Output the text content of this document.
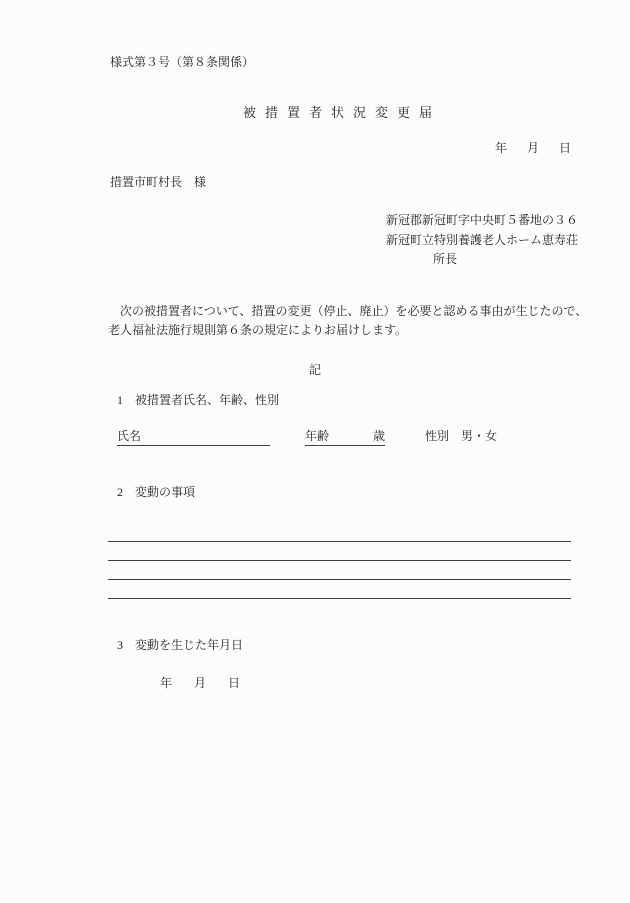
様式第３号（第８条関係）
被措置者状況変更届
年 月 日
措置市町村長　様
新冠郡新冠町字中央町５番地の３６
新冠町立特別養護老人ホーム恵寿荘
所長
　次の被措置者について、措置の変更（停止、廃止）を必要と認める事由が生じたので、
老人福祉法施行規則第６条の規定によりお届けします。
記
1 被措置者氏名、年齢、性別
氏名	年齢	歳	性別 男・女
2 変動の事項
3 変動を生じた年月日
年 月 日
